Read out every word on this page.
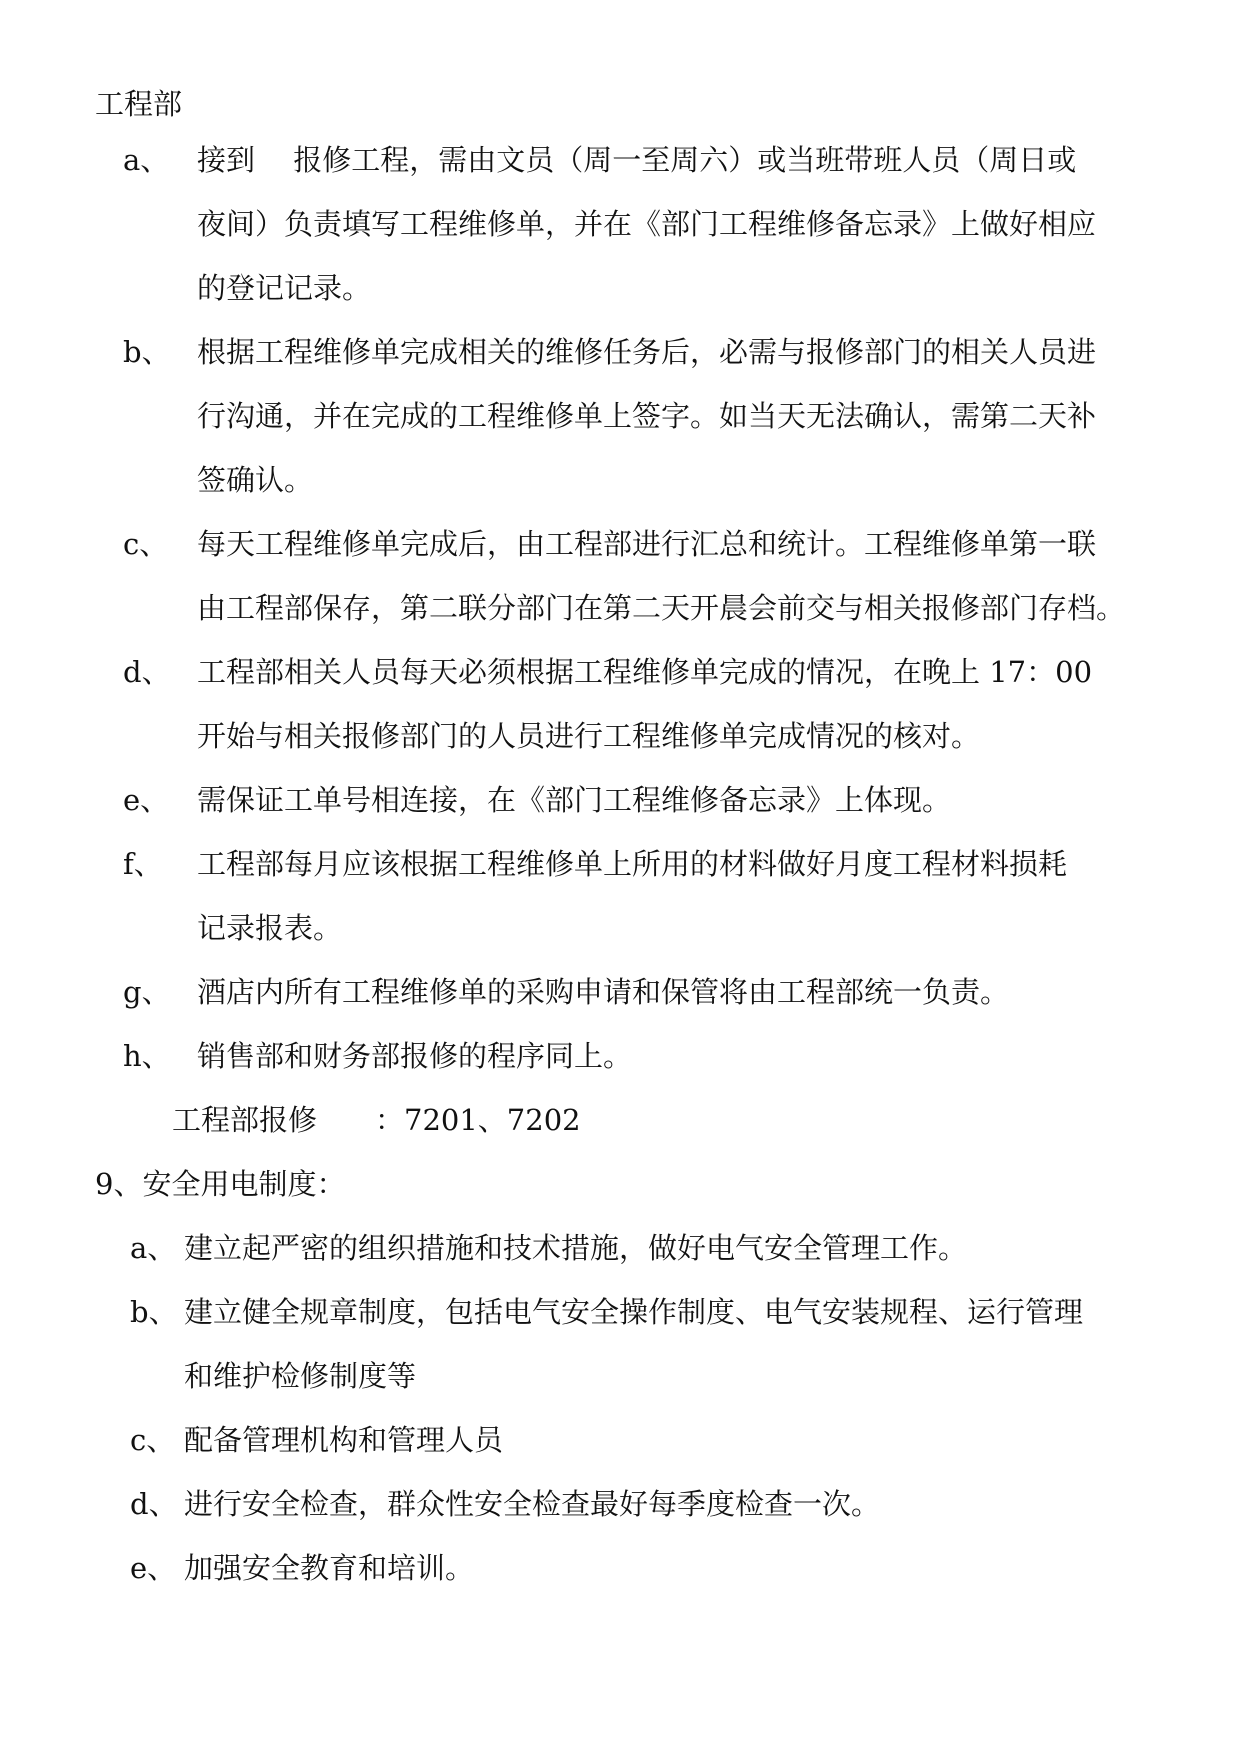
工程部
a、 接到　 报修工程，需由文员（周一至周六）或当班带班人员（周日或
夜间）负责填写工程维修单，并在《部门工程维修备忘录》上做好相应
的登记记录。
b、 根据工程维修单完成相关的维修任务后，必需与报修部门的相关人员进
行沟通，并在完成的工程维修单上签字。如当天无法确认，需第二天补
签确认。
c、 每天工程维修单完成后，由工程部进行汇总和统计。工程维修单第一联
由工程部保存，第二联分部门在第二天开晨会前交与相关报修部门存档。
d、 工程部相关人员每天必须根据工程维修单完成的情况，在晚上 17：00
开始与相关报修部门的人员进行工程维修单完成情况的核对。
e、 需保证工单号相连接，在《部门工程维修备忘录》上体现。
f、 工程部每月应该根据工程维修单上所用的材料做好月度工程材料损耗
记录报表。
g、 酒店内所有工程维修单的采购申请和保管将由工程部统一负责。
h、 销售部和财务部报修的程序同上。
工程部报修　　：7201、7202
9、安全用电制度：
a、 建立起严密的组织措施和技术措施，做好电气安全管理工作。
b、 建立健全规章制度，包括电气安全操作制度、电气安装规程、运行管理
和维护检修制度等
c、 配备管理机构和管理人员
d、 进行安全检查，群众性安全检查最好每季度检查一次。
e、 加强安全教育和培训。
